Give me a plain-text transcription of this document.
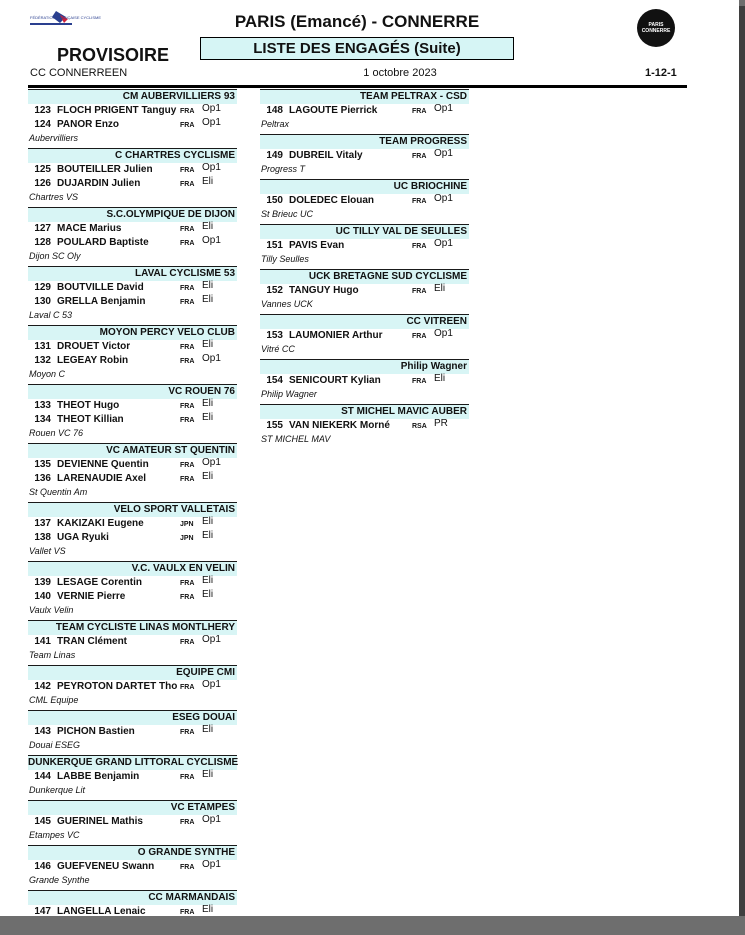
FÉDÉRATION FRANÇAISE CYCLISME
PARIS
CONNERRE
PARIS (Emancé) - CONNERRE
LISTE DES ENGAGÉS (Suite)
PROVISOIRE
CC CONNERREEN	1 octobre 2023	1-12-1
CM AUBERVILLIERS 93
123 FLOCH PRIGENT Tanguy FRA Op1
124 PANOR Enzo	FRA Op1
Aubervilliers
C CHARTRES CYCLISME
125 BOUTEILLER Julien	FRA Op1
126 DUJARDIN Julien	FRA Eli
Chartres VS
S.C.OLYMPIQUE DE DIJON
127 MACE Marius	FRA Eli
128 POULARD Baptiste	FRA Op1
Dijon SC Oly
LAVAL CYCLISME 53
129 BOUTVILLE David	FRA Eli
130 GRELLA Benjamin	FRA Eli
Laval C 53
MOYON PERCY VELO CLUB
131 DROUET Victor	FRA Eli
132 LEGEAY Robin	FRA Op1
Moyon C
VC ROUEN 76
133 THEOT Hugo	FRA Eli
134 THEOT Killian	FRA Eli
Rouen VC 76
VC AMATEUR ST QUENTIN
135 DEVIENNE Quentin	FRA Op1
136 LARENAUDIE Axel	FRA Eli
St Quentin Am
VELO SPORT VALLETAIS
137 KAKIZAKI Eugene	JPN Eli
138 UGA Ryuki	JPN Eli
Vallet VS
V.C. VAULX EN VELIN
139 LESAGE Corentin	FRA Eli
140 VERNIE Pierre	FRA Eli
Vaulx Velin
TEAM CYCLISTE LINAS MONTLHERY
141 TRAN Clément	FRA Op1
Team Linas
EQUIPE CMI
142 PEYROTON DARTET Tho FRA Op1
CML Equipe
ESEG DOUAI
143 PICHON Bastien	FRA Eli
Douai ESEG
DUNKERQUE GRAND LITTORAL CYCLISME
144 LABBE Benjamin	FRA Eli
Dunkerque Lit
VC ETAMPES
145 GUERINEL Mathis	FRA Op1
Etampes VC
O GRANDE SYNTHE
146 GUEFVENEU Swann	FRA Op1
Grande Synthe
CC MARMANDAIS
147 LANGELLA Lenaic	FRA Eli
TEAM PELTRAX - CSD
148 LAGOUTE Pierrick	FRA Op1
Peltrax
TEAM PROGRESS
149 DUBREIL Vitaly	FRA Op1
Progress T
UC BRIOCHINE
150 DOLEDEC Elouan	FRA Op1
St Brieuc UC
UC TILLY VAL DE SEULLES
151 PAVIS Evan	FRA Op1
Tilly Seulles
UCK BRETAGNE SUD CYCLISME
152 TANGUY Hugo	FRA Eli
Vannes UCK
CC VITREEN
153 LAUMONIER Arthur	FRA Op1
Vitré CC
Philip Wagner
154 SENICOURT Kylian	FRA Eli
Philip Wagner
ST MICHEL MAVIC AUBER
155 VAN NIEKERK Morné	RSA PR
ST MICHEL MAV
